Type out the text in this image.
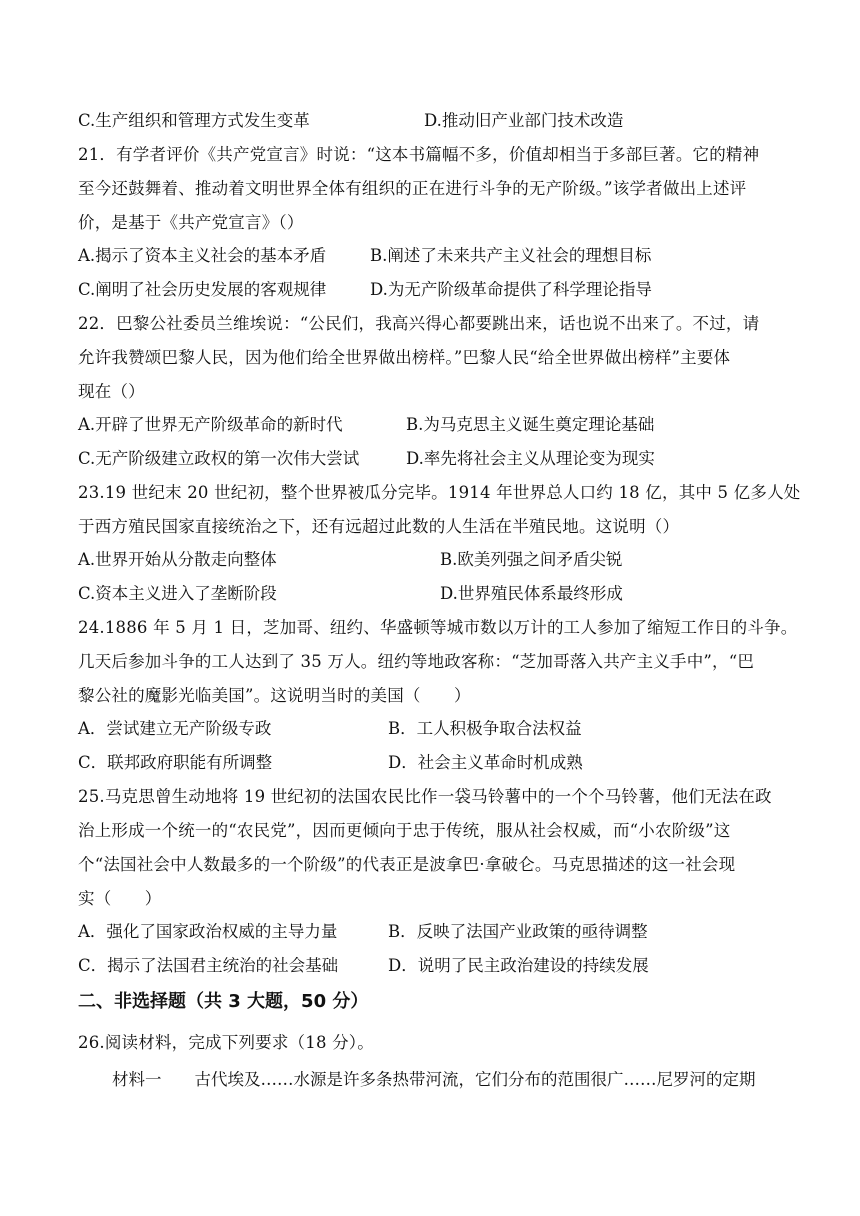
C.生产组织和管理方式发生变革	D.推动旧产业部门技术改造
21．有学者评价《共产党宣言》时说：“这本书篇幅不多，价值却相当于多部巨著。它的精神
至今还鼓舞着、推动着文明世界全体有组织的正在进行斗争的无产阶级。”该学者做出上述评
价，是基于《共产党宣言》（）
A.揭示了资本主义社会的基本矛盾	B.阐述了未来共产主义社会的理想目标
C.阐明了社会历史发展的客观规律	D.为无产阶级革命提供了科学理论指导
22．巴黎公社委员兰维埃说：“公民们，我高兴得心都要跳出来，话也说不出来了。不过，请
允许我赞颂巴黎人民，因为他们给全世界做出榜样。”巴黎人民“给全世界做出榜样”主要体
现在（）
A.开辟了世界无产阶级革命的新时代	B.为马克思主义诞生奠定理论基础
C.无产阶级建立政权的第一次伟大尝试	D.率先将社会主义从理论变为现实
23.19 世纪末 20 世纪初，整个世界被瓜分完毕。1914 年世界总人口约 18 亿，其中 5 亿多人处
于西方殖民国家直接统治之下，还有远超过此数的人生活在半殖民地。这说明（）
A.世界开始从分散走向整体	B.欧美列强之间矛盾尖锐
C.资本主义进入了垄断阶段	D.世界殖民体系最终形成
24.1886 年 5 月 1 日，芝加哥、纽约、华盛顿等城市数以万计的工人参加了缩短工作日的斗争。
几天后参加斗争的工人达到了 35 万人。纽约等地政客称：“芝加哥落入共产主义手中”，“巴
黎公社的魔影光临美国”。这说明当时的美国（　　）
A．尝试建立无产阶级专政	B．工人积极争取合法权益
C．联邦政府职能有所调整	D．社会主义革命时机成熟
25.马克思曾生动地将 19 世纪初的法国农民比作一袋马铃薯中的一个个马铃薯，他们无法在政
治上形成一个统一的“农民党”，因而更倾向于忠于传统，服从社会权威，而“小农阶级”这
个“法国社会中人数最多的一个阶级”的代表正是波拿巴·拿破仑。马克思描述的这一社会现
实（　　）
A．强化了国家政治权威的主导力量	B．反映了法国产业政策的亟待调整
C．揭示了法国君主统治的社会基础	D．说明了民主政治建设的持续发展
二、非选择题（共 3 大题，50 分）
26.阅读材料，完成下列要求（18 分）。
材料一　　古代埃及……水源是许多条热带河流，它们分布的范围很广……尼罗河的定期
